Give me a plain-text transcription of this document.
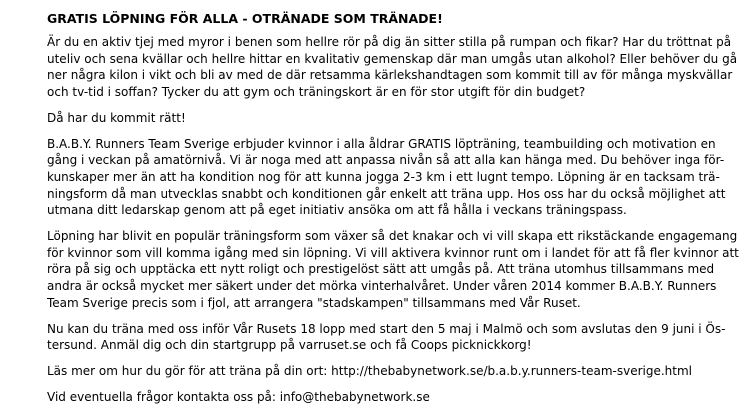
GRATIS LÖPNING FÖR ALLA - OTRÄNADE SOM TRÄNADE!
Är du en aktiv tjej med myror i benen som hellre rör på dig än sitter stilla på rumpan och fikar? Har du tröttnat på
uteliv och sena kvällar och hellre hittar en kvalitativ gemenskap där man umgås utan alkohol? Eller behöver du gå
ner några kilon i vikt och bli av med de där retsamma kärlekshandtagen som kommit till av för många myskvällar
och tv-tid i soffan? Tycker du att gym och träningskort är en för stor utgift för din budget?
Då har du kommit rätt!
B.A.B.Y. Runners Team Sverige erbjuder kvinnor i alla åldrar GRATIS löpträning, teambuilding och motivation en
gång i veckan på amatörnivå. Vi är noga med att anpassa nivån så att alla kan hänga med. Du behöver inga för-
kunskaper mer än att ha kondition nog för att kunna jogga 2-3 km i ett lugnt tempo. Löpning är en tacksam trä-
ningsform då man utvecklas snabbt och konditionen går enkelt att träna upp. Hos oss har du också möjlighet att
utmana ditt ledarskap genom att på eget initiativ ansöka om att få hålla i veckans träningspass.
Löpning har blivit en populär träningsform som växer så det knakar och vi vill skapa ett rikstäckande engagemang
för kvinnor som vill komma igång med sin löpning. Vi vill aktivera kvinnor runt om i landet för att få fler kvinnor att
röra på sig och upptäcka ett nytt roligt och prestigelöst sätt att umgås på. Att träna utomhus tillsammans med
andra är också mycket mer säkert under det mörka vinterhalvåret. Under våren 2014 kommer B.A.B.Y. Runners
Team Sverige precis som i fjol, att arrangera "stadskampen" tillsammans med Vår Ruset.
Nu kan du träna med oss inför Vår Rusets 18 lopp med start den 5 maj i Malmö och som avslutas den 9 juni i Ös-
tersund. Anmäl dig och din startgrupp på varruset.se och få Coops picknickkorg!
Läs mer om hur du gör för att träna på din ort: http://thebabynetwork.se/b.a.b.y.runners-team-sverige.html
Vid eventuella frågor kontakta oss på: info@thebabynetwork.se
